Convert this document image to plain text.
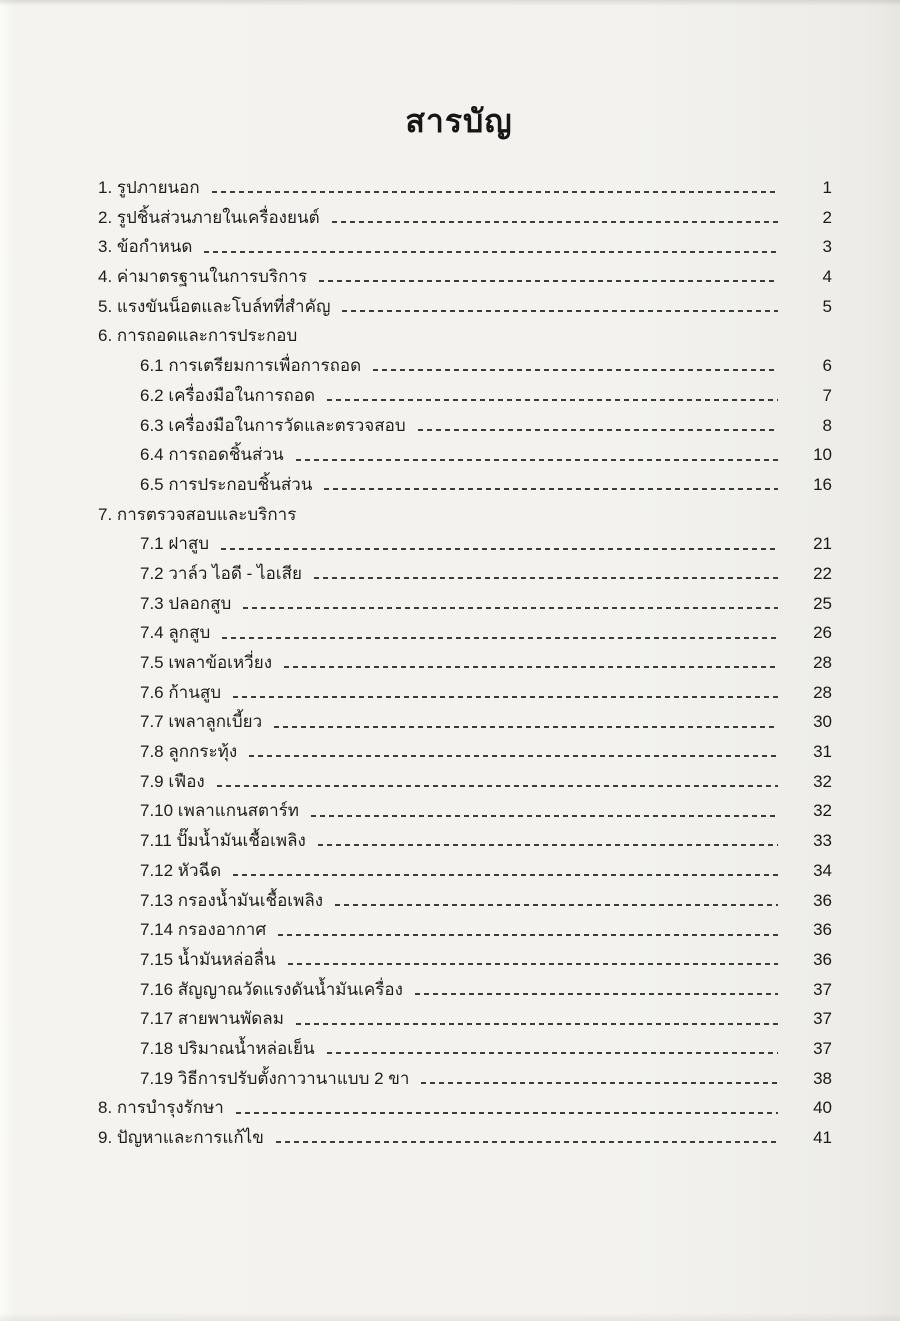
สารบัญ
1. รูปภายนอก	1
2. รูปชิ้นส่วนภายในเครื่องยนต์	2
3. ข้อกำหนด	3
4. ค่ามาตรฐานในการบริการ	4
5. แรงขันน็อตและโบล์ทที่สำคัญ	5
6. การถอดและการประกอบ
6.1 การเตรียมการเพื่อการถอด	6
6.2 เครื่องมือในการถอด	7
6.3 เครื่องมือในการวัดและตรวจสอบ	8
6.4 การถอดชิ้นส่วน	10
6.5 การประกอบชิ้นส่วน	16
7. การตรวจสอบและบริการ
7.1 ฝาสูบ	21
7.2 วาล์ว ไอดี - ไอเสีย	22
7.3 ปลอกสูบ	25
7.4 ลูกสูบ	26
7.5 เพลาข้อเหวี่ยง	28
7.6 ก้านสูบ	28
7.7 เพลาลูกเบี้ยว	30
7.8 ลูกกระทุ้ง	31
7.9 เฟือง	32
7.10 เพลาแกนสตาร์ท	32
7.11 ปั๊มน้ำมันเชื้อเพลิง	33
7.12 หัวฉีด	34
7.13 กรองน้ำมันเชื้อเพลิง	36
7.14 กรองอากาศ	36
7.15 น้ำมันหล่อลื่น	36
7.16 สัญญาณวัดแรงดันน้ำมันเครื่อง	37
7.17 สายพานพัดลม	37
7.18 ปริมาณน้ำหล่อเย็น	37
7.19 วิธีการปรับตั้งกาวานาแบบ 2 ขา	38
8. การบำรุงรักษา	40
9. ปัญหาและการแก้ไข	41
